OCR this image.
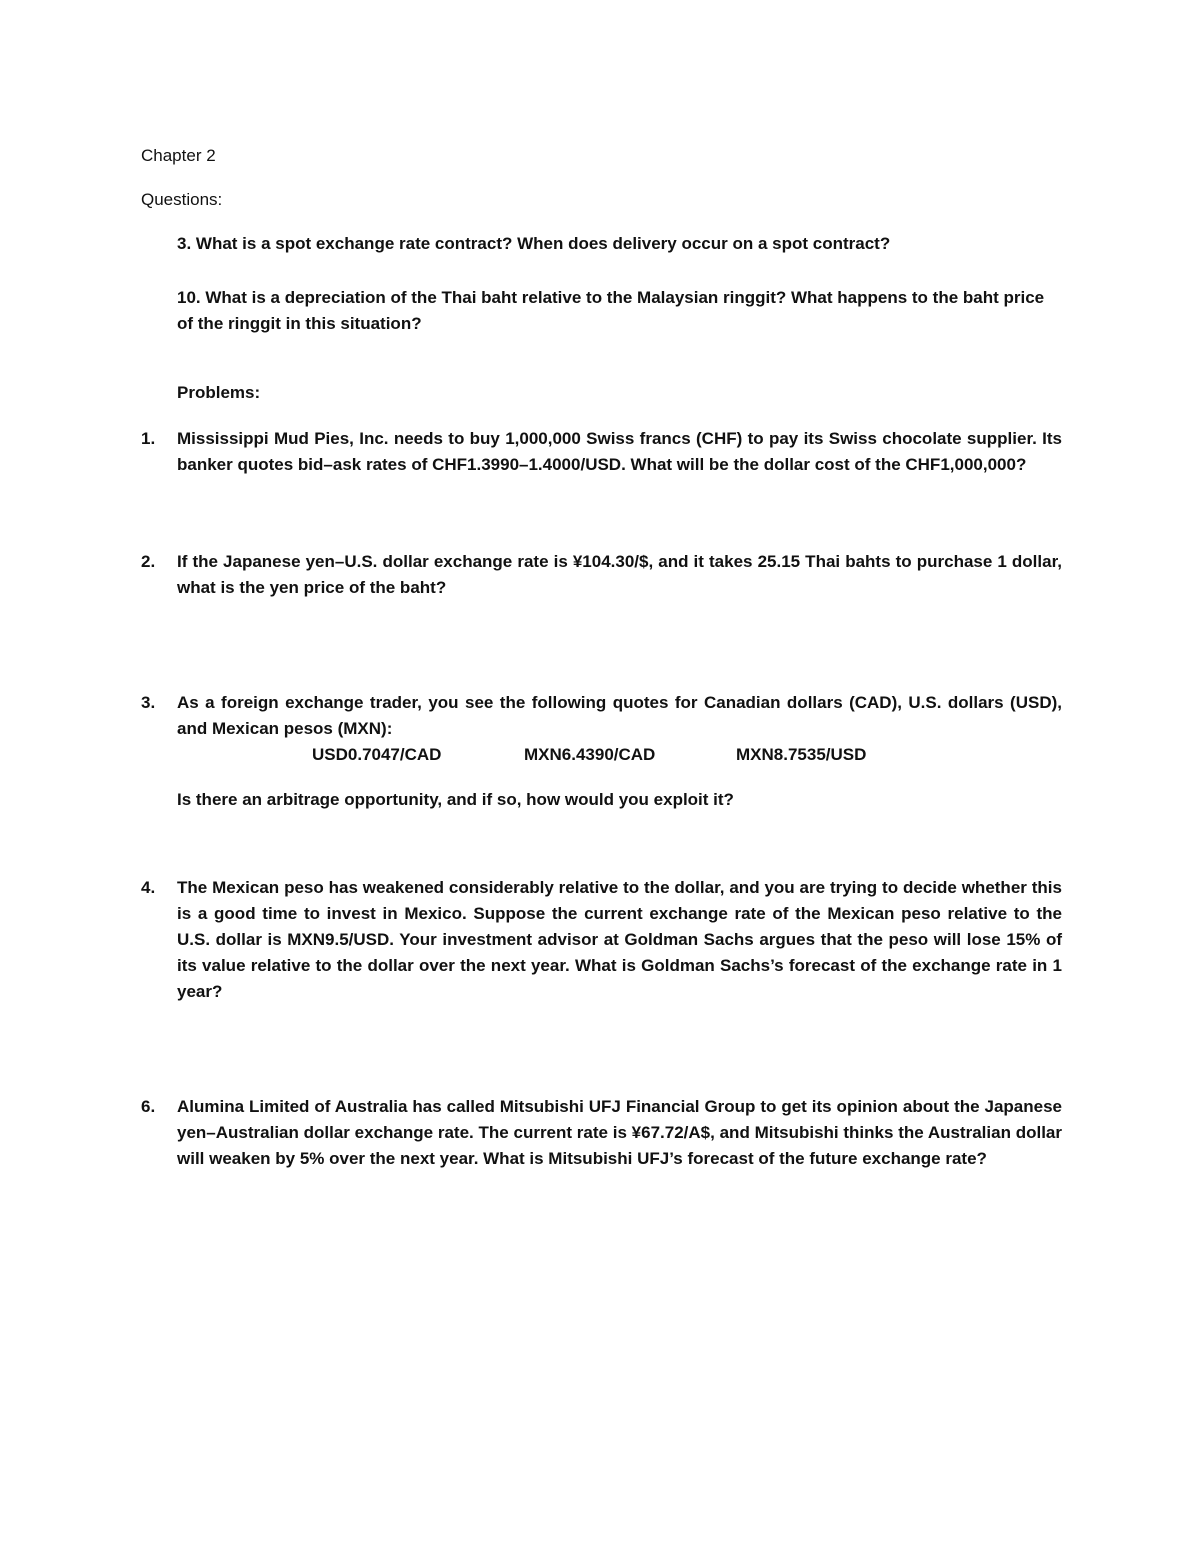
Chapter 2
Questions:
3. What is a spot exchange rate contract? When does delivery occur on a spot contract?
10. What is a depreciation of the Thai baht relative to the Malaysian ringgit? What happens to the baht price of the ringgit in this situation?
Problems:
1.	Mississippi Mud Pies, Inc. needs to buy 1,000,000 Swiss francs (CHF) to pay its Swiss chocolate supplier. Its banker quotes bid–ask rates of CHF1.3990–1.4000/USD. What will be the dollar cost of the CHF1,000,000?
2.	If the Japanese yen–U.S. dollar exchange rate is ¥104.30/$, and it takes 25.15 Thai bahts to purchase 1 dollar, what is the yen price of the baht?
3.	As a foreign exchange trader, you see the following quotes for Canadian dollars (CAD), U.S. dollars (USD), and Mexican pesos (MXN):
USD0.7047/CAD	MXN6.4390/CAD	MXN8.7535/USD
Is there an arbitrage opportunity, and if so, how would you exploit it?
4.	The Mexican peso has weakened considerably relative to the dollar, and you are trying to decide whether this is a good time to invest in Mexico. Suppose the current exchange rate of the Mexican peso relative to the U.S. dollar is MXN9.5/USD. Your investment advisor at Goldman Sachs argues that the peso will lose 15% of its value relative to the dollar over the next year. What is Goldman Sachs’s forecast of the exchange rate in 1 year?
6.	Alumina Limited of Australia has called Mitsubishi UFJ Financial Group to get its opinion about the Japanese yen–Australian dollar exchange rate. The current rate is ¥67.72/A$, and Mitsubishi thinks the Australian dollar will weaken by 5% over the next year. What is Mitsubishi UFJ’s forecast of the future exchange rate?
